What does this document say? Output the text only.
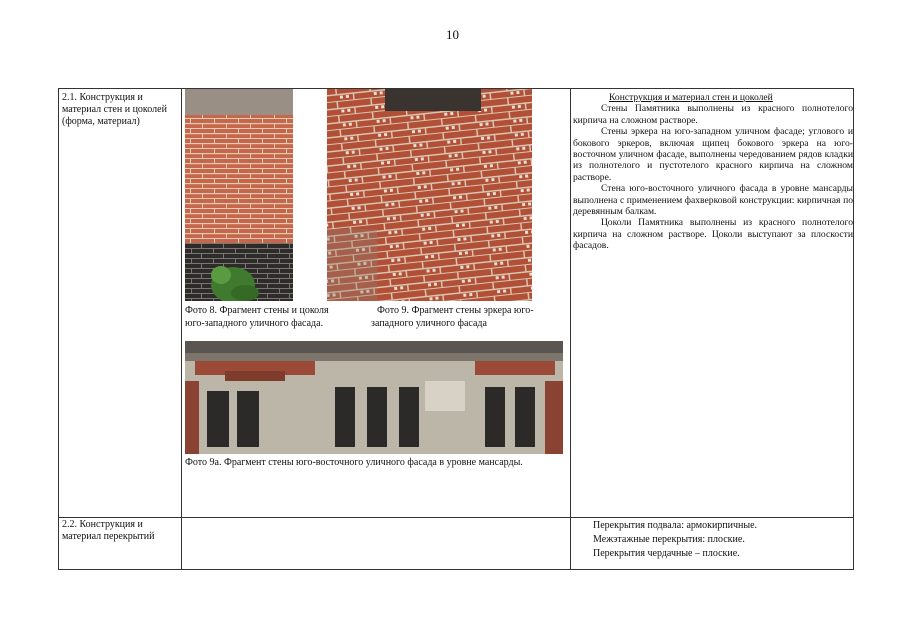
10
2.1. Конструкция и материал стен и цоколей (форма, материал)
Фото 8. Фрагмент стены и цоколя
юго-западного уличного фасада.
Фото 9. Фрагмент стены эркера юго-
западного уличного фасада
Фото 9а. Фрагмент стены юго-восточного уличного фасада в уровне мансарды.

Конструкция и материал стен и цоколей

Стены Памятника выполнены из красного полнотелого кирпича на сложном растворе.

Стены эркера на юго-западном уличном фасаде; углового и бокового эркеров, включая щипец бокового эркера на юго-восточном уличном фасаде, выполнены чередованием рядов кладки из полнотелого и пустотелого красного кирпича на сложном растворе.

Стена юго-восточного уличного фасада в уровне мансарды выполнена с применением фахверковой конструкции: кирпичная по деревянным балкам.

Цоколи Памятника выполнены из красного полнотелого кирпича на сложном растворе. Цоколи выступают за плоскости фасадов.

2.2. Конструкция и материал перекрытий
Перекрытия подвала: армокирпичные.
Межэтажные перекрытия: плоские.
Перекрытия чердачные – плоские.
